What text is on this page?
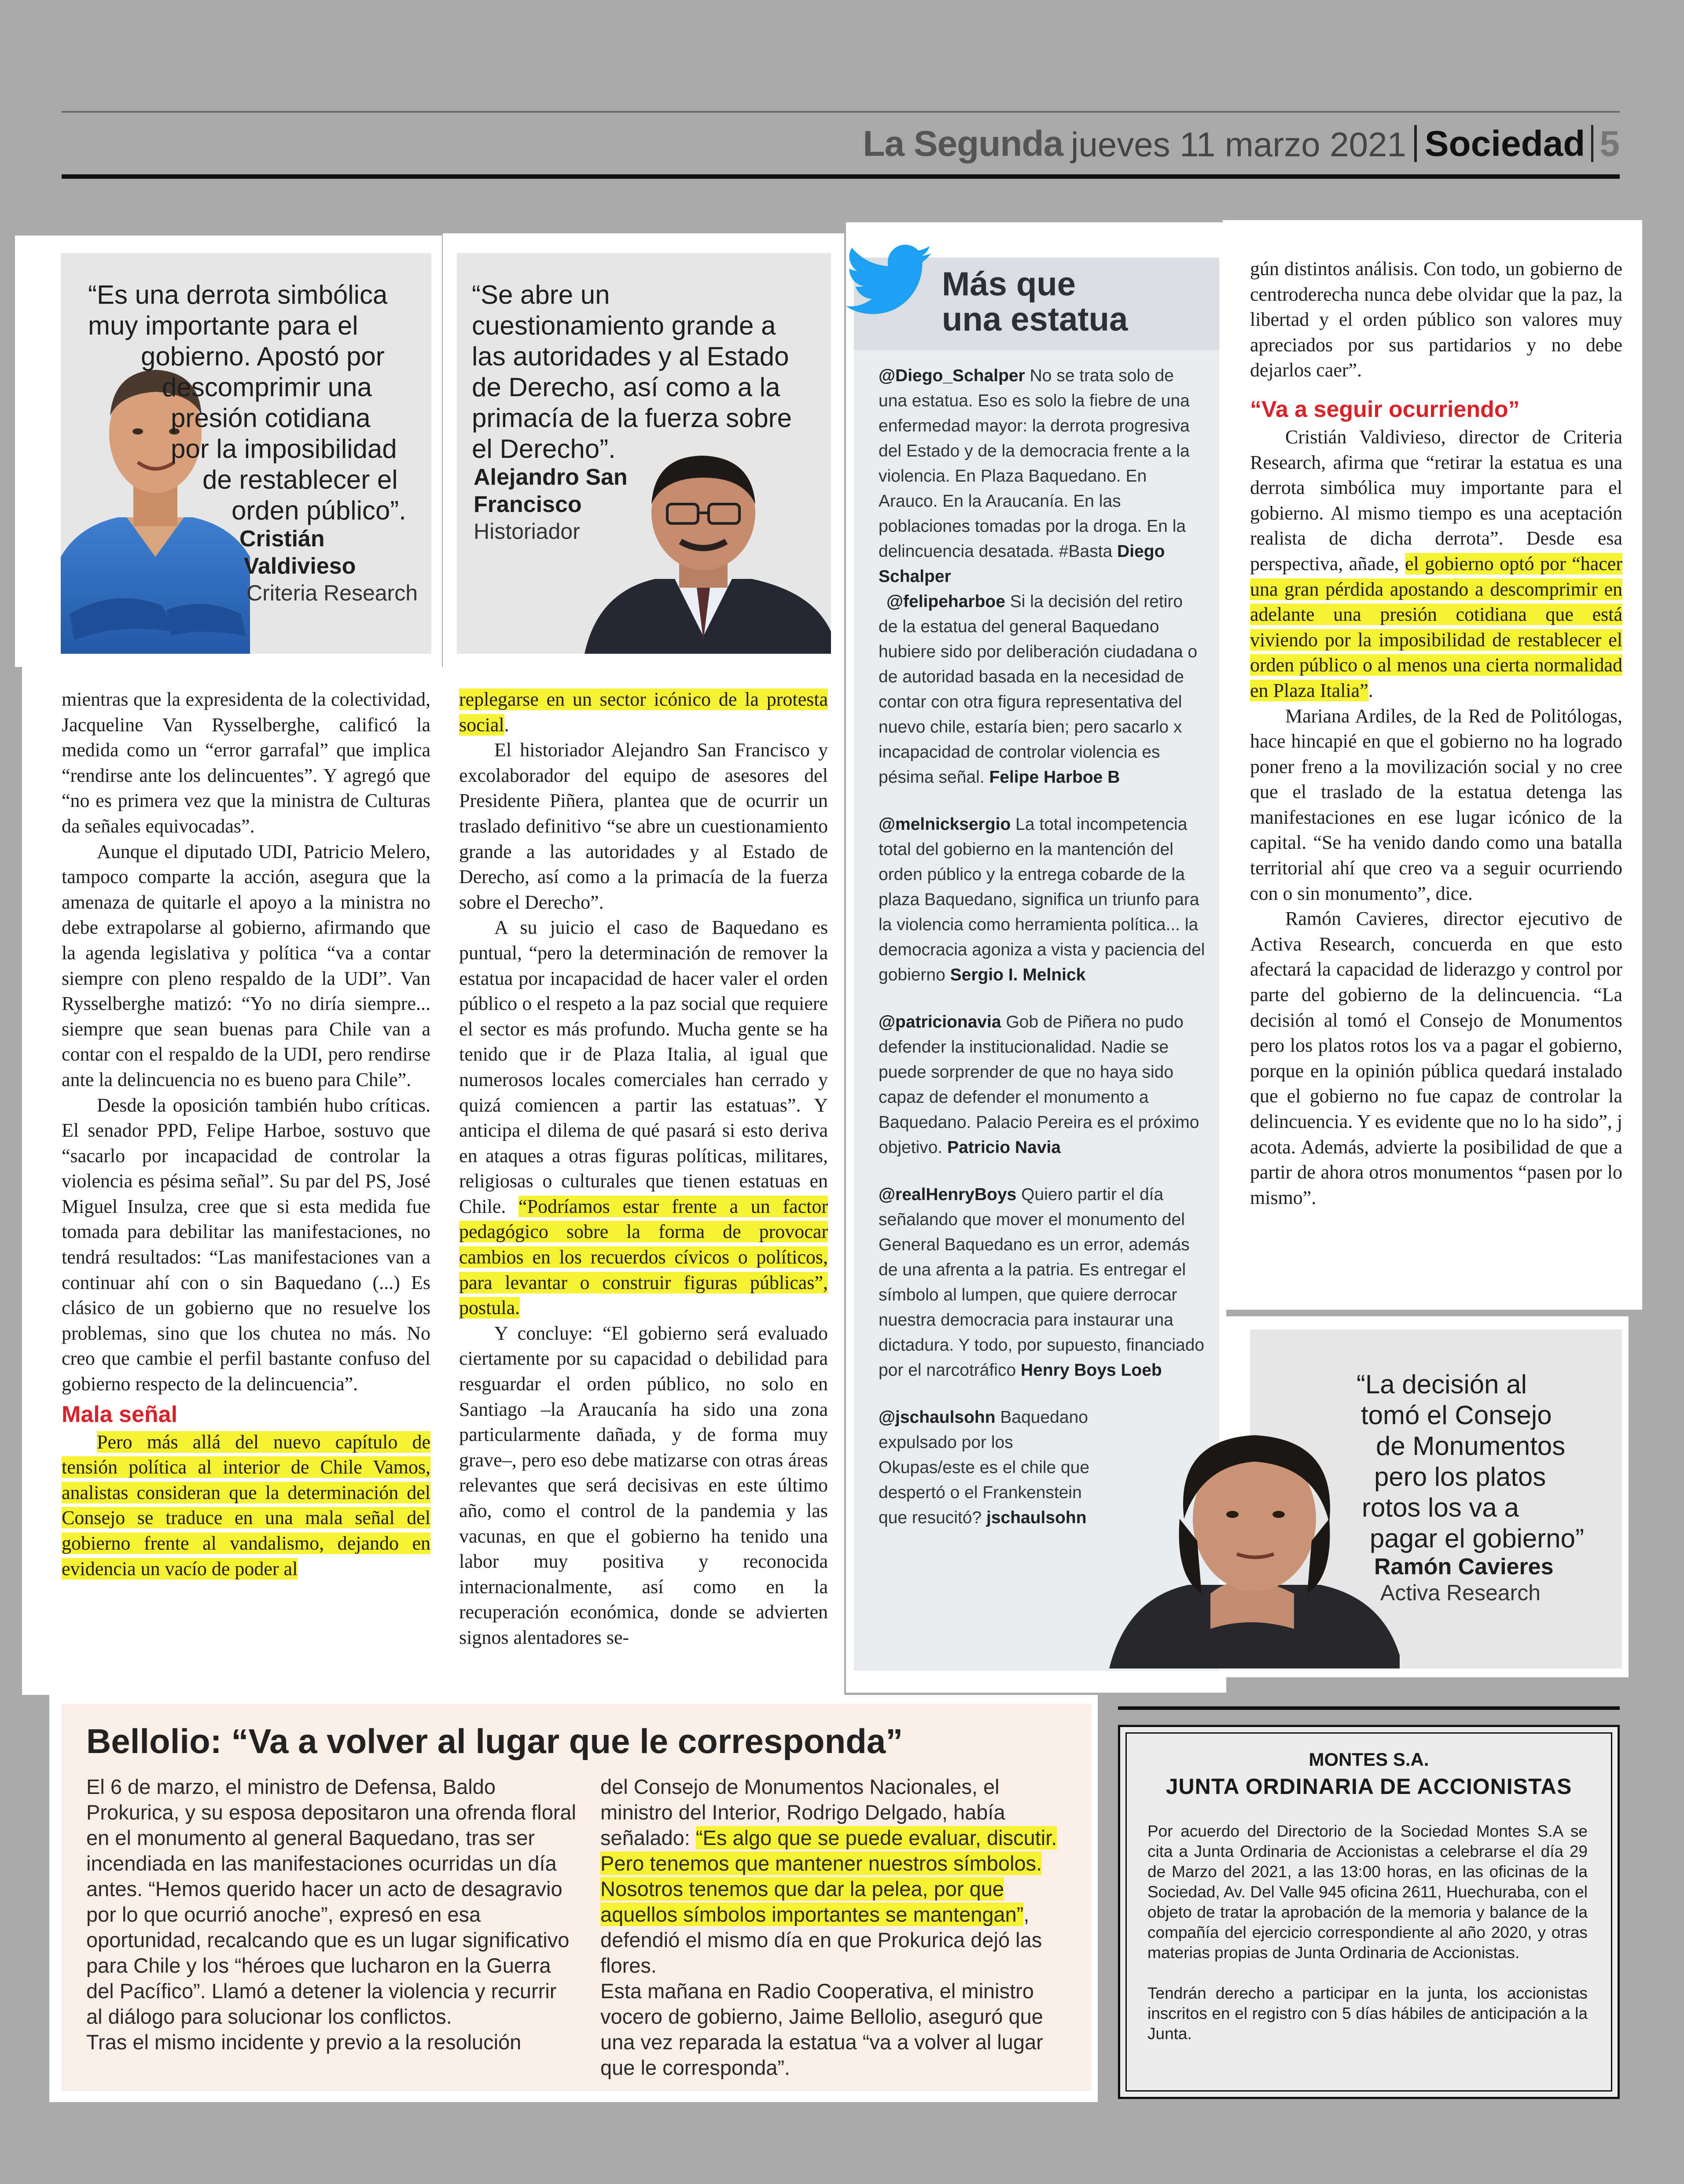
La Segunda jueves 11 marzo 2021 Sociedad 5
“Es una derrota simbólica
muy importante para el
gobierno. Apostó por
descomprimir una
presión cotidiana
por la imposibilidad
de restablecer el
orden público”.
Cristián
Valdivieso
Criteria Research
“Se abre un
cuestionamiento grande a
las autoridades y al Estado
de Derecho, así como a la
primacía de la fuerza sobre
el Derecho”.
Alejandro San
Francisco
Historiador

mientras que la expresidenta de la colectividad, Jacqueline Van Rysselberghe, calificó la medida como un “error garrafal” que implica “rendirse ante los delincuentes”. Y agregó que “no es primera vez que la ministra de Culturas da señales equivocadas”.

Aunque el diputado UDI, Patricio Melero, tampoco comparte la acción, asegura que la amenaza de quitarle el apoyo a la ministra no debe extrapolarse al gobierno, afirmando que la agenda legislativa y política “va a contar siempre con pleno respaldo de la UDI”. Van Rysselberghe matizó: “Yo no diría siempre... siempre que sean buenas para Chile van a contar con el respaldo de la UDI, pero rendirse ante la delincuencia no es bueno para Chile”.

Desde la oposición también hubo críticas. El senador PPD, Felipe Harboe, sostuvo que “sacarlo por incapacidad de controlar la violencia es pésima señal”. Su par del PS, José Miguel Insulza, cree que si esta medida fue tomada para debilitar las manifestaciones, no tendrá resultados: “Las manifestaciones van a continuar ahí con o sin Baquedano (...) Es clásico de un gobierno que no resuelve los problemas, sino que los chutea no más. No creo que cambie el perfil bastante confuso del gobierno respecto de la delincuencia”.

Mala señal

Pero más allá del nuevo capítulo de tensión política al interior de Chile Vamos, analistas consideran que la determinación del Consejo se traduce en una mala señal del gobierno frente al vandalismo, dejando en evidencia un vacío de poder al

replegarse en un sector icónico de la protesta social.

El historiador Alejandro San Francisco y excolaborador del equipo de asesores del Presidente Piñera, plantea que de ocurrir un traslado definitivo “se abre un cuestionamiento grande a las autoridades y al Estado de Derecho, así como a la primacía de la fuerza sobre el Derecho”.

A su juicio el caso de Baquedano es puntual, “pero la determinación de remover la estatua por incapacidad de hacer valer el orden público o el respeto a la paz social que requiere el sector es más profundo. Mucha gente se ha tenido que ir de Plaza Italia, al igual que numerosos locales comerciales han cerrado y quizá comiencen a partir las estatuas”. Y anticipa el dilema de qué pasará si esto deriva en ataques a otras figuras políticas, militares, religiosas o culturales que tienen estatuas en Chile. “Podríamos estar frente a un factor pedagógico sobre la forma de provocar cambios en los recuerdos cívicos o políticos, para levantar o construir figuras públicas”, postula.

Y concluye: “El gobierno será evaluado ciertamente por su capacidad o debilidad para resguardar el orden público, no solo en Santiago –la Araucanía ha sido una zona particularmente dañada, y de forma muy grave–, pero eso debe matizarse con otras áreas relevantes que será decisivas en este último año, como el control de la pandemia y las vacunas, en que el gobierno ha tenido una labor muy positiva y reconocida internacionalmente, así como en la recuperación económica, donde se advierten signos alentadores se-

Más que
una estatua
@Diego_Schalper No se trata solo de una estatua. Eso es solo la fiebre de una enfermedad mayor: la derrota progresiva del Estado y de la democracia frente a la violencia. En Plaza Baquedano. En Arauco. En la Araucanía. En las poblaciones tomadas por la droga. En la delincuencia desatada. #Basta Diego Schalper
@felipeharboe Si la decisión del retiro de la estatua del general Baquedano hubiere sido por deliberación ciudadana o de autoridad basada en la necesidad de contar con otra figura representativa del nuevo chile, estaría bien; pero sacarlo x incapacidad de controlar violencia es pésima señal. Felipe Harboe B
@melnicksergio La total incompetencia total del gobierno en la mantención del orden público y la entrega cobarde de la plaza Baquedano, significa un triunfo para la violencia como herramienta política... la democracia agoniza a vista y paciencia del gobierno Sergio I. Melnick
@patricionavia Gob de Piñera no pudo defender la institucionalidad. Nadie se puede sorprender de que no haya sido capaz de defender el monumento a Baquedano. Palacio Pereira es el próximo objetivo. Patricio Navia
@realHenryBoys Quiero partir el día señalando que mover el monumento del General Baquedano es un error, además de una afrenta a la patria. Es entregar el símbolo al lumpen, que quiere derrocar nuestra democracia para instaurar una dictadura. Y todo, por supuesto, financiado por el narcotráfico Henry Boys Loeb
@jschaulsohn Baquedano expulsado por los Okupas/este es el chile que despertó o el Frankenstein que resucitó? jschaulsohn

gún distintos análisis. Con todo, un gobierno de centroderecha nunca debe olvidar que la paz, la libertad y el orden público son valores muy apreciados por sus partidarios y no debe dejarlos caer”.

“Va a seguir ocurriendo”

Cristián Valdivieso, director de Criteria Research, afirma que “retirar la estatua es una derrota simbólica muy importante para el gobierno. Al mismo tiempo es una aceptación realista de dicha derrota”. Desde esa perspectiva, añade, el gobierno optó por “hacer una gran pérdida apostando a descomprimir en adelante una presión cotidiana que está viviendo por la imposibilidad de restablecer el orden público o al menos una cierta normalidad en Plaza Italia”.

Mariana Ardiles, de la Red de Politólogas, hace hincapié en que el gobierno no ha logrado poner freno a la movilización social y no cree que el traslado de la estatua detenga las manifestaciones en ese lugar icónico de la capital. “Se ha venido dando como una batalla territorial ahí que creo va a seguir ocurriendo con o sin monumento”, dice.

Ramón Cavieres, director ejecutivo de Activa Research, concuerda en que esto afectará la capacidad de liderazgo y control por parte del gobierno de la delincuencia. “La decisión al tomó el Consejo de Monumentos pero los platos rotos los va a pagar el gobierno, porque en la opinión pública quedará instalado que el gobierno no fue capaz de controlar la delincuencia. Y es evidente que no lo ha sido”, j acota. Además, advierte la posibilidad de que a partir de ahora otros monumentos “pasen por lo mismo”.

“La decisión al
tomó el Consejo
de Monumentos
pero los platos
rotos los va a
pagar el gobierno”
Ramón Cavieres
Activa Research
Bellolio: “Va a volver al lugar que le corresponda”

El 6 de marzo, el ministro de Defensa, Baldo Prokurica, y su esposa depositaron una ofrenda floral en el monumento al general Baquedano, tras ser incendiada en las manifestaciones ocurridas un día antes. “Hemos querido hacer un acto de desagravio por lo que ocurrió anoche”, expresó en esa oportunidad, recalcando que es un lugar significativo para Chile y los “héroes que lucharon en la Guerra del Pacífico”. Llamó a detener la violencia y recurrir al diálogo para solucionar los conflictos.

Tras el mismo incidente y previo a la resolución

del Consejo de Monumentos Nacionales, el ministro del Interior, Rodrigo Delgado, había señalado: “Es algo que se puede evaluar, discutir. Pero tenemos que mantener nuestros símbolos. Nosotros tenemos que dar la pelea, por que aquellos símbolos importantes se mantengan”, defendió el mismo día en que Prokurica dejó las flores.

Esta mañana en Radio Cooperativa, el ministro vocero de gobierno, Jaime Bellolio, aseguró que una vez reparada la estatua “va a volver al lugar que le corresponda”.

MONTES S.A.
JUNTA ORDINARIA DE ACCIONISTAS

Por acuerdo del Directorio de la Sociedad Montes S.A se cita a Junta Ordinaria de Accionistas a celebrarse el día 29 de Marzo del 2021, a las 13:00 horas, en las oficinas de la Sociedad, Av. Del Valle 945 oficina 2611, Huechuraba, con el objeto de tratar la aprobación de la memoria y balance de la compañía del ejercicio correspondiente al año 2020, y otras materias propias de Junta Ordinaria de Accionistas.

Tendrán derecho a participar en la junta, los accionistas inscritos en el registro con 5 días hábiles de anticipación a la Junta.
